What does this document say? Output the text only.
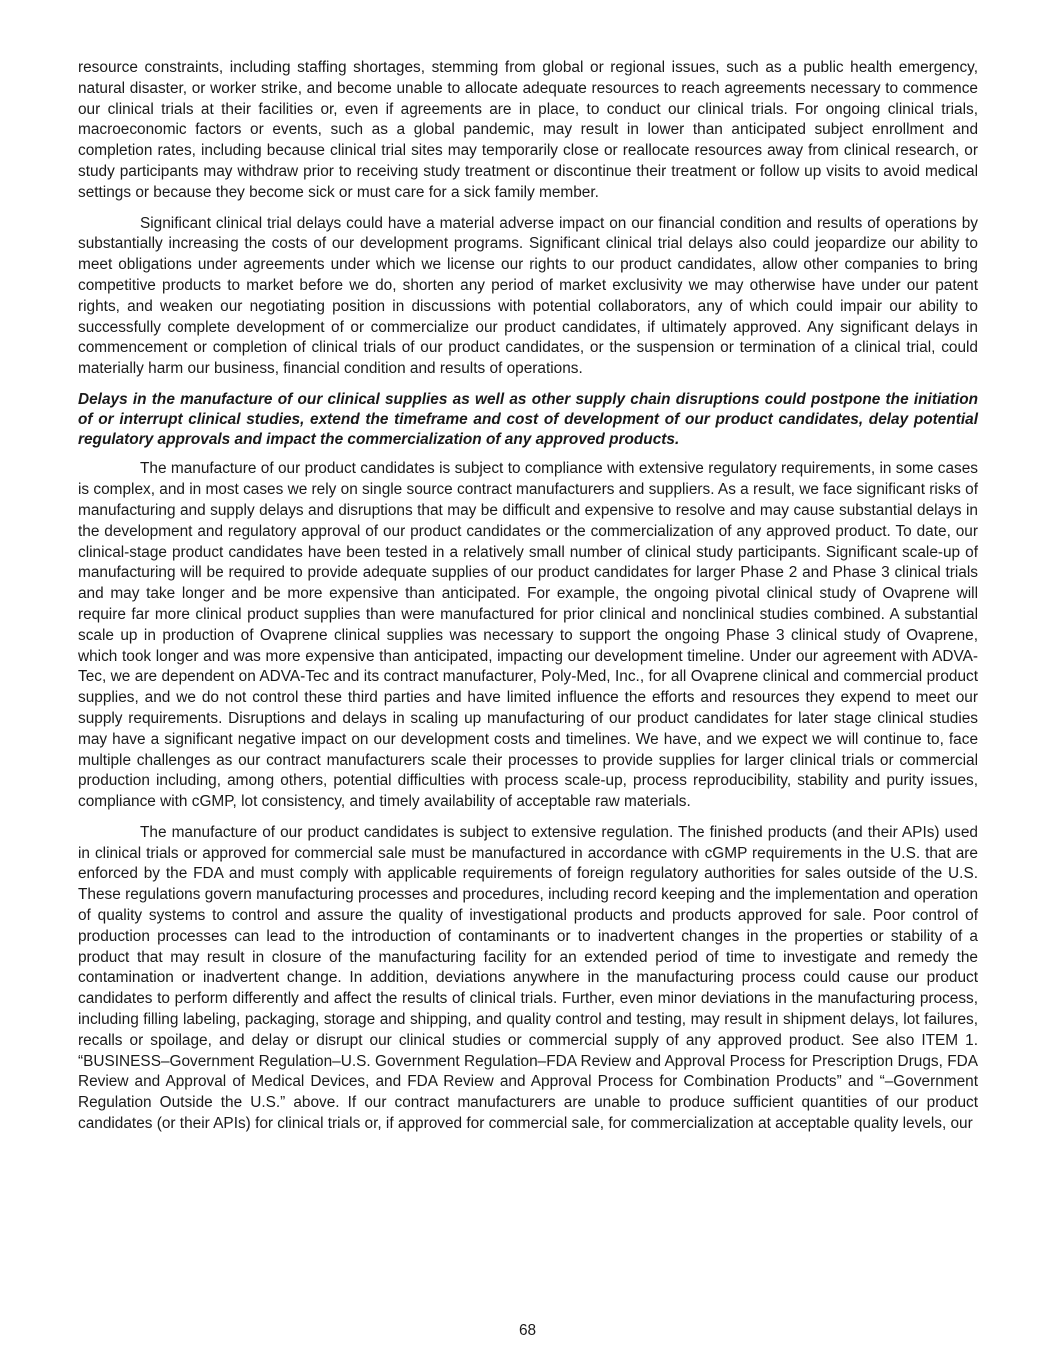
resource constraints, including staffing shortages, stemming from global or regional issues, such as a public health emergency, natural disaster, or worker strike, and become unable to allocate adequate resources to reach agreements necessary to commence our clinical trials at their facilities or, even if agreements are in place, to conduct our clinical trials. For ongoing clinical trials, macroeconomic factors or events, such as a global pandemic, may result in lower than anticipated subject enrollment and completion rates, including because clinical trial sites may temporarily close or reallocate resources away from clinical research, or study participants may withdraw prior to receiving study treatment or discontinue their treatment or follow up visits to avoid medical settings or because they become sick or must care for a sick family member.

Significant clinical trial delays could have a material adverse impact on our financial condition and results of operations by substantially increasing the costs of our development programs. Significant clinical trial delays also could jeopardize our ability to meet obligations under agreements under which we license our rights to our product candidates, allow other companies to bring competitive products to market before we do, shorten any period of market exclusivity we may otherwise have under our patent rights, and weaken our negotiating position in discussions with potential collaborators, any of which could impair our ability to successfully complete development of or commercialize our product candidates, if ultimately approved. Any significant delays in commencement or completion of clinical trials of our product candidates, or the suspension or termination of a clinical trial, could materially harm our business, financial condition and results of operations.

Delays in the manufacture of our clinical supplies as well as other supply chain disruptions could postpone the initiation of or interrupt clinical studies, extend the timeframe and cost of development of our product candidates, delay potential regulatory approvals and impact the commercialization of any approved products.

The manufacture of our product candidates is subject to compliance with extensive regulatory requirements, in some cases is complex, and in most cases we rely on single source contract manufacturers and suppliers. As a result, we face significant risks of manufacturing and supply delays and disruptions that may be difficult and expensive to resolve and may cause substantial delays in the development and regulatory approval of our product candidates or the commercialization of any approved product. To date, our clinical-stage product candidates have been tested in a relatively small number of clinical study participants. Significant scale-up of manufacturing will be required to provide adequate supplies of our product candidates for larger Phase 2 and Phase 3 clinical trials and may take longer and be more expensive than anticipated. For example, the ongoing pivotal clinical study of Ovaprene will require far more clinical product supplies than were manufactured for prior clinical and nonclinical studies combined. A substantial scale up in production of Ovaprene clinical supplies was necessary to support the ongoing Phase 3 clinical study of Ovaprene, which took longer and was more expensive than anticipated, impacting our development timeline. Under our agreement with ADVA-Tec, we are dependent on ADVA-Tec and its contract manufacturer, Poly-Med, Inc., for all Ovaprene clinical and commercial product supplies, and we do not control these third parties and have limited influence the efforts and resources they expend to meet our supply requirements. Disruptions and delays in scaling up manufacturing of our product candidates for later stage clinical studies may have a significant negative impact on our development costs and timelines. We have, and we expect we will continue to, face multiple challenges as our contract manufacturers scale their processes to provide supplies for larger clinical trials or commercial production including, among others, potential difficulties with process scale-up, process reproducibility, stability and purity issues, compliance with cGMP, lot consistency, and timely availability of acceptable raw materials.

The manufacture of our product candidates is subject to extensive regulation. The finished products (and their APIs) used in clinical trials or approved for commercial sale must be manufactured in accordance with cGMP requirements in the U.S. that are enforced by the FDA and must comply with applicable requirements of foreign regulatory authorities for sales outside of the U.S. These regulations govern manufacturing processes and procedures, including record keeping and the implementation and operation of quality systems to control and assure the quality of investigational products and products approved for sale. Poor control of production processes can lead to the introduction of contaminants or to inadvertent changes in the properties or stability of a product that may result in closure of the manufacturing facility for an extended period of time to investigate and remedy the contamination or inadvertent change. In addition, deviations anywhere in the manufacturing process could cause our product candidates to perform differently and affect the results of clinical trials. Further, even minor deviations in the manufacturing process, including filling labeling, packaging, storage and shipping, and quality control and testing, may result in shipment delays, lot failures, recalls or spoilage, and delay or disrupt our clinical studies or commercial supply of any approved product. See also ITEM 1. “BUSINESS–Government Regulation–U.S. Government Regulation–FDA Review and Approval Process for Prescription Drugs, FDA Review and Approval of Medical Devices, and FDA Review and Approval Process for Combination Products” and “–Government Regulation Outside the U.S.” above. If our contract manufacturers are unable to produce sufficient quantities of our product candidates (or their APIs) for clinical trials or, if approved for commercial sale, for commercialization at acceptable quality levels, our

68
